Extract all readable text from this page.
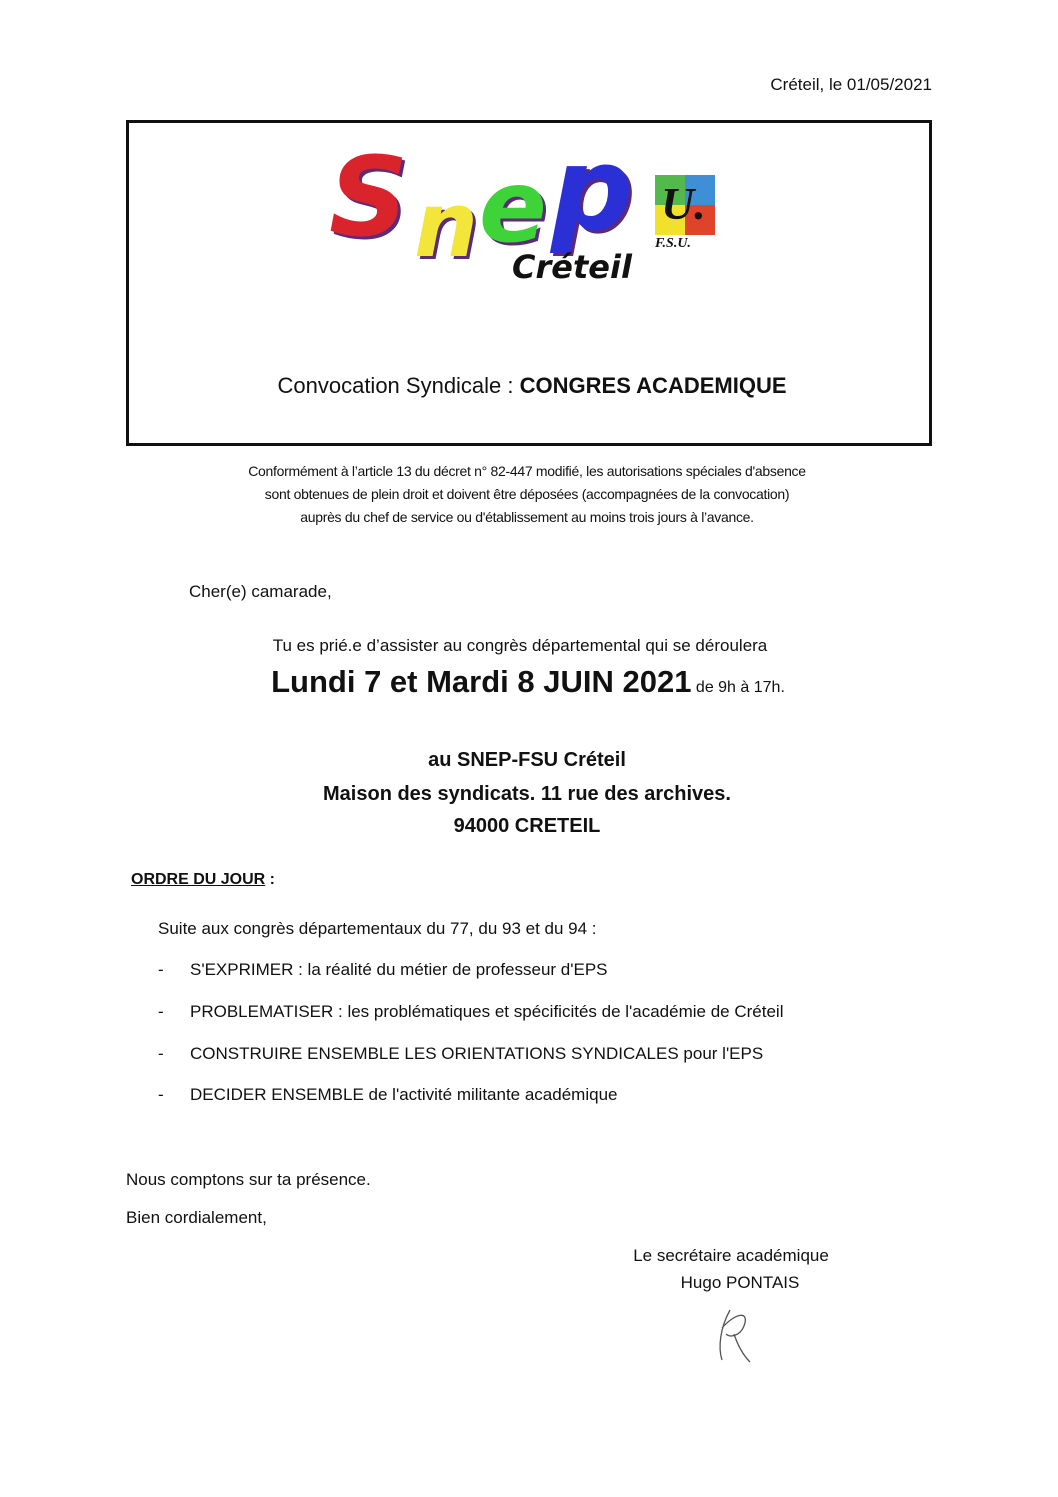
Créteil, le 01/05/2021
S n e p U.
F.S.U.
Créteil
Convocation Syndicale : CONGRES ACADEMIQUE
Conformément à l’article 13 du décret n° 82-447 modifié, les autorisations spéciales d'absence
sont obtenues de plein droit et doivent être déposées (accompagnées de la convocation)
auprès du chef de service ou d'établissement au moins trois jours à l’avance.
Cher(e) camarade,
Tu es prié.e d’assister au congrès départemental qui se déroulera
Lundi 7 et Mardi 8 JUIN 2021 de 9h à 17h.
au SNEP-FSU Créteil
Maison des syndicats. 11 rue des archives.
94000 CRETEIL
ORDRE DU JOUR :
Suite aux congrès départementaux du 77, du 93 et du 94 :
- S'EXPRIMER : la réalité du métier de professeur d'EPS
- PROBLEMATISER : les problématiques et spécificités de l'académie de Créteil
- CONSTRUIRE ENSEMBLE LES ORIENTATIONS SYNDICALES pour l'EPS
- DECIDER ENSEMBLE de l'activité militante académique
Nous comptons sur ta présence.
Bien cordialement,
Le secrétaire académique
Hugo PONTAIS
